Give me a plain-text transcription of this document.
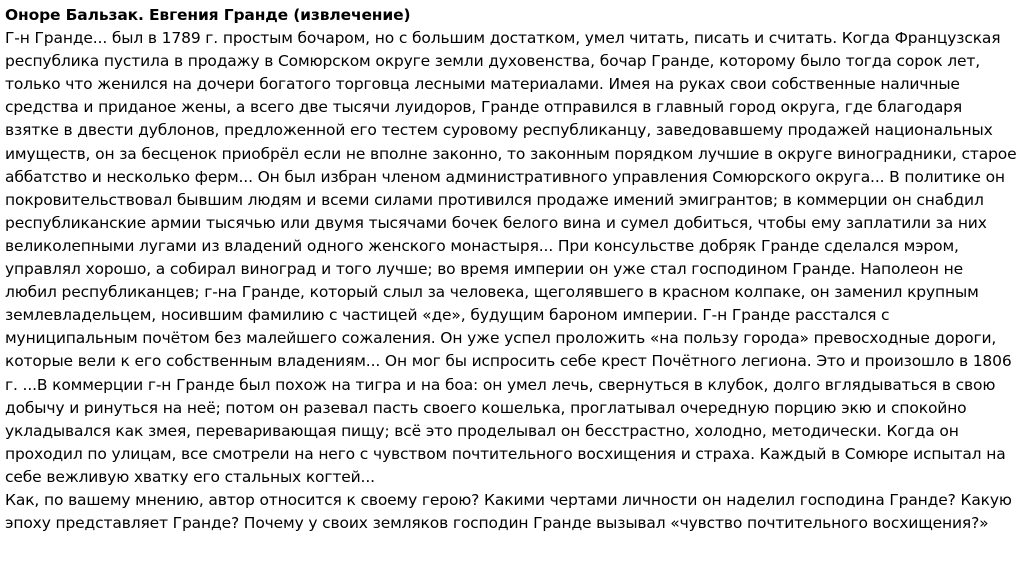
Оноре Бальзак. Евгения Гранде (извлечение)

Г-н Гранде... был в 1789 г. простым бочаром, но с большим достатком, умел читать, писать и считать. Когда Французская республика пустила в продажу в Сомюрском округе земли духовенства, бочар Гранде, которому было тогда сорок лет, только что женился на дочери богатого торговца лесными материалами. Имея на руках свои собственные наличные средства и приданое жены, а всего две тысячи луидоров, Гранде отправился в главный город округа, где благодаря взятке в двести дублонов, предложенной его тестем суровому республиканцу, заведовавшему продажей национальных имуществ, он за бесценок приобрёл если не вполне законно, то законным порядком лучшие в округе виноградники, старое аббатство и несколько ферм... Он был избран членом административного управления Сомюрского округа... В политике он покровительствовал бывшим людям и всеми силами противился продаже имений эмигрантов; в коммерции он снабдил республиканские армии тысячью или двумя тысячами бочек белого вина и сумел добиться, чтобы ему заплатили за них великолепными лугами из владений одного женского монастыря... При консульстве добряк Гранде сделался мэром, управлял хорошо, а собирал виноград и того лучше; во время империи он уже стал господином Гранде. Наполеон не любил республиканцев; г-на Гранде, который слыл за человека, щеголявшего в красном колпаке, он заменил крупным землевладельцем, носившим фамилию с частицей «де», будущим бароном империи. Г-н Гранде расстался с муниципальным почётом без малейшего сожаления. Он уже успел проложить «на пользу города» превосходные дороги, которые вели к его собственным владениям... Он мог бы испросить себе крест Почётного легиона. Это и произошло в 1806 г. ...В коммерции г-н Гранде был похож на тигра и на боа: он умел лечь, свернуться в клубок, долго вглядываться в свою добычу и ринуться на неё; потом он разевал пасть своего кошелька, проглатывал очередную порцию экю и спокойно укладывался как змея, переваривающая пищу; всё это проделывал он бесстрастно, холодно, методически. Когда он проходил по улицам, все смотрели на него с чувством почтительного восхищения и страха. Каждый в Сомюре испытал на себе вежливую хватку его стальных когтей...

Как, по вашему мнению, автор относится к своему герою? Какими чертами личности он наделил господина Гранде? Какую эпоху представляет Гранде? Почему у своих земляков господин Гранде вызывал «чувство почтительного восхищения?»
